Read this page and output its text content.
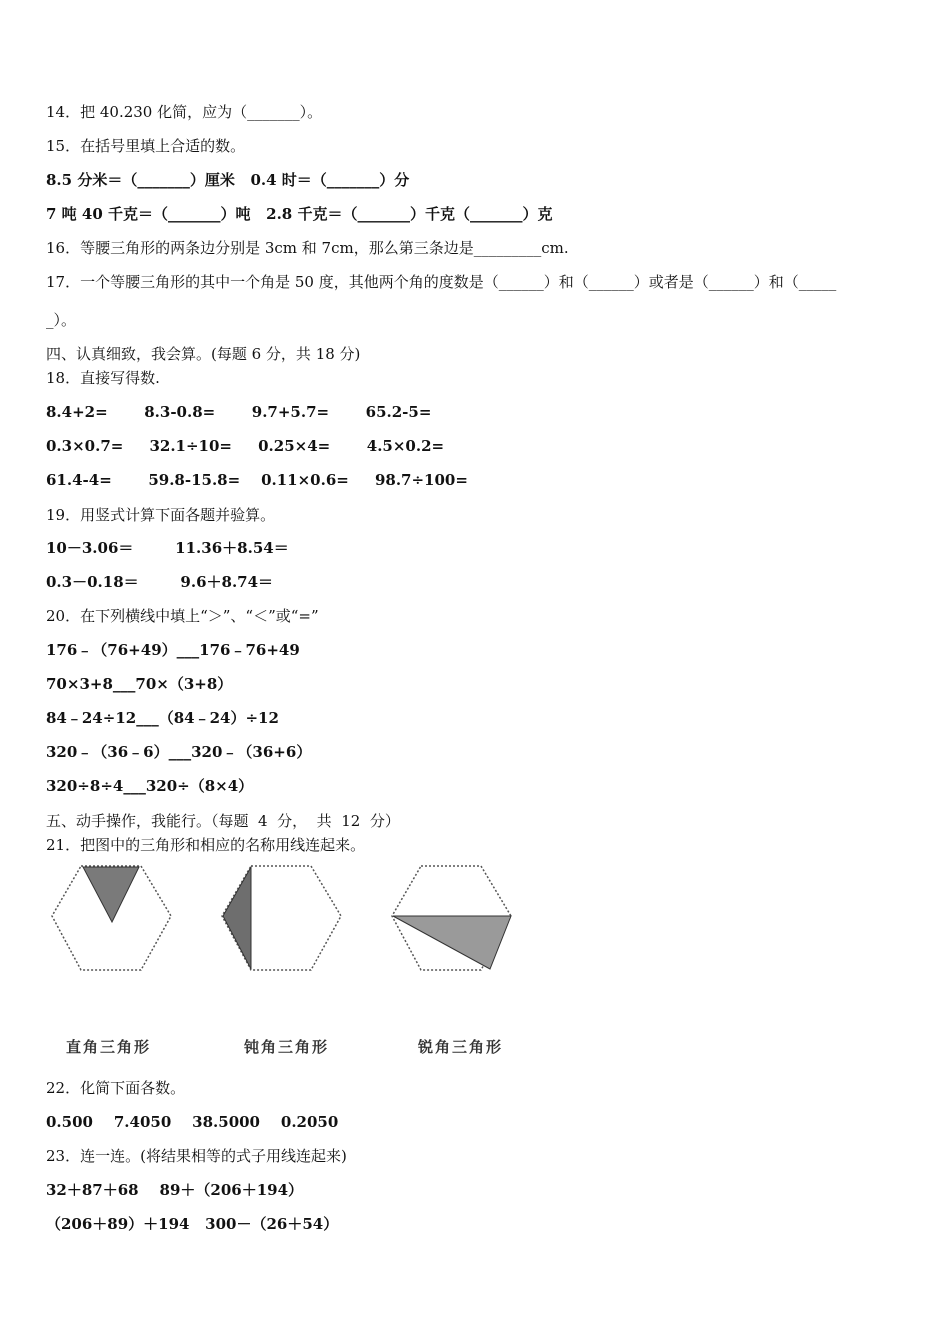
14．把 40.230 化简，应为（_______）。
15．在括号里填上合适的数。
8.5 分米＝（_______）厘米   0.4 时＝（_______）分
7 吨 40 千克＝（_______）吨   2.8 千克＝（_______）千克（_______）克
16．等腰三角形的两条边分别是 3cm 和 7cm，那么第三条边是_________cm.
17．一个等腰三角形的其中一个角是 50 度，其他两个角的度数是（______）和（______）或者是（______）和（_____
_）。
四、认真细致，我会算。(每题 6 分，共 18 分)
18．直接写得数.
8.4+2=       8.3-0.8=       9.7+5.7=       65.2-5=
0.3×0.7=     32.1÷10=     0.25×4=       4.5×0.2=
61.4-4=       59.8-15.8=    0.11×0.6=     98.7÷100=
19．用竖式计算下面各题并验算。
10－3.06＝        11.36＋8.54＝
0.3－0.18＝        9.6＋8.74＝
20．在下列横线中填上“＞”、“＜”或“=”
176﹣（76+49）___176﹣76+49
70×3+8___70×（3+8）
84﹣24÷12___（84﹣24）÷12
320﹣（36﹣6）___320﹣（36+6）
320÷8÷4___320÷（8×4）
五、动手操作，我能行。（每题  4  分，  共  12  分）
21．把图中的三角形和相应的名称用线连起来。
直角三角形	钝角三角形	锐角三角形
22．化简下面各数。
0.500    7.4050    38.5000    0.2050
23．连一连。(将结果相等的式子用线连起来)
32＋87＋68    89＋（206＋194）
（206＋89）＋194   300－（26＋54）
